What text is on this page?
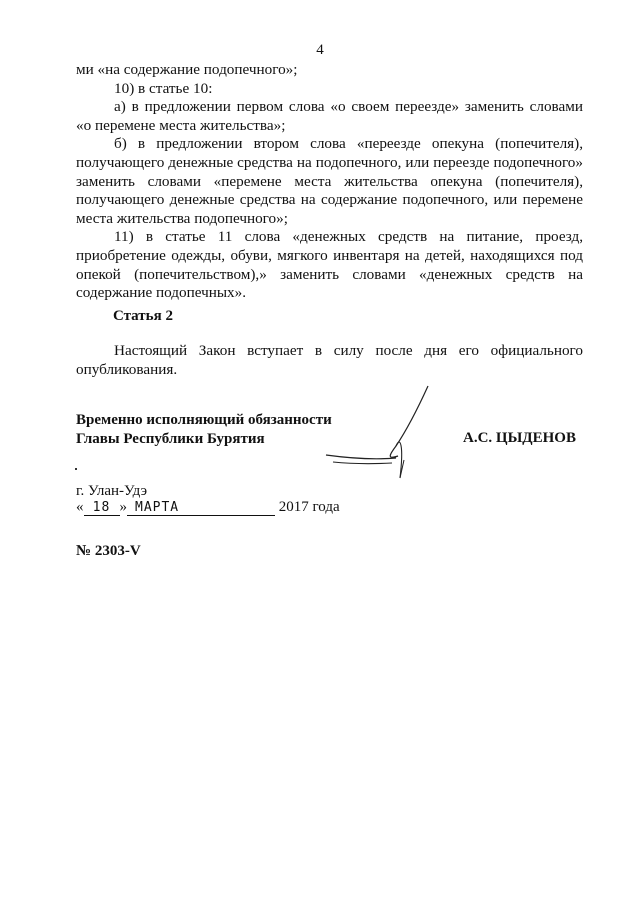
4

ми «на содержание подопечного»;

10) в статье 10:

а) в предложении первом слова «о своем переезде» заменить словами «о перемене места жительства»;

б) в предложении втором слова «переезде опекуна (попечителя), получающего денежные средства на подопечного, или переезде подопечного» заменить словами «перемене места жительства опекуна (попечителя), получающего денежные средства на содержание подопечного, или перемене места жительства подопечного»;

11) в статье 11 слова «денежных средств на питание, проезд, приобретение одежды, обуви, мягкого инвентаря на детей, находящихся под опекой (попечительством),» заменить словами «денежных средств на содержание подопечных».

Статья 2

Настоящий Закон вступает в силу после дня его официального опубликования.

Временно исполняющий обязанности
Главы Республики Бурятия	А.С. ЦЫДЕНОВ
г. Улан-Удэ
« 18 » МАРТА	2017 года
№ 2303-V
